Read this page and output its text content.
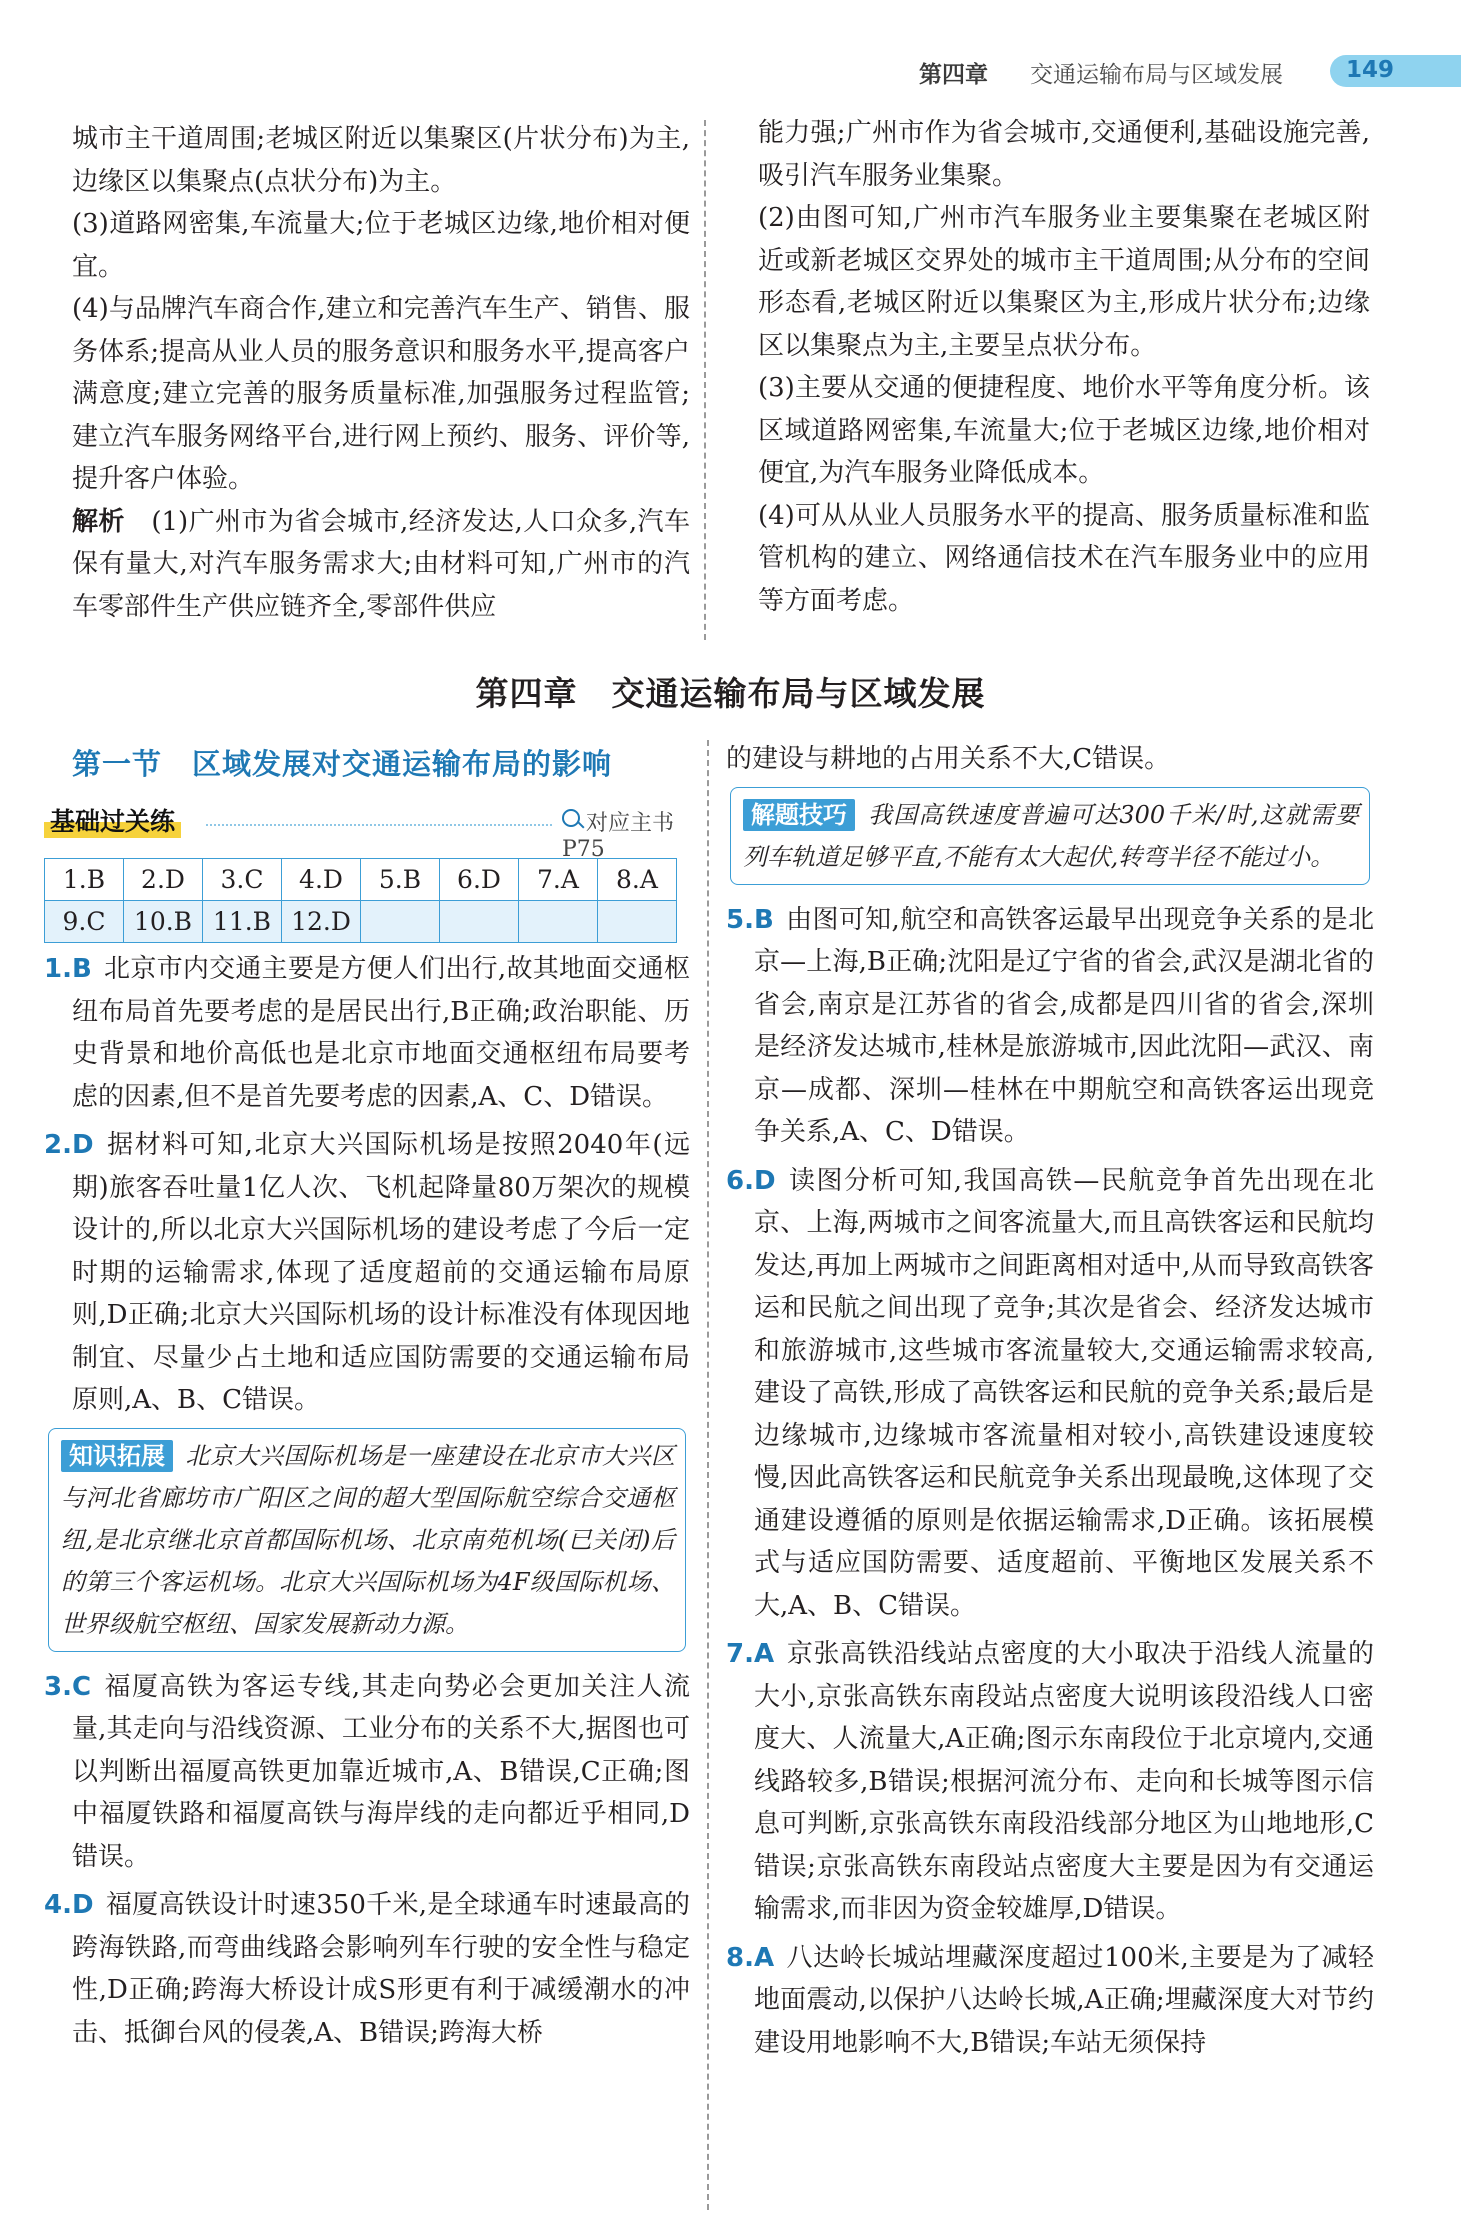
第四章 交通运输布局与区域发展	149

城市主干道周围;老城区附近以集聚区(片状分布)为主,边缘区以集聚点(点状分布)为主。

(3)道路网密集,车流量大;位于老城区边缘,地价相对便宜。

(4)与品牌汽车商合作,建立和完善汽车生产、销售、服务体系;提高从业人员的服务意识和服务水平,提高客户满意度;建立完善的服务质量标准,加强服务过程监管;建立汽车服务网络平台,进行网上预约、服务、评价等,提升客户体验。

解析　 (1)广州市为省会城市,经济发达,人口众多,汽车保有量大,对汽车服务需求大;由材料可知,广州市的汽车零部件生产供应链齐全,零部件供应

能力强;广州市作为省会城市,交通便利,基础设施完善,吸引汽车服务业集聚。

(2)由图可知,广州市汽车服务业主要集聚在老城区附近或新老城区交界处的城市主干道周围;从分布的空间形态看,老城区附近以集聚区为主,形成片状分布;边缘区以集聚点为主,主要呈点状分布。

(3)主要从交通的便捷程度、地价水平等角度分析。该区域道路网密集,车流量大;位于老城区边缘,地价相对便宜,为汽车服务业降低成本。

(4)可从从业人员服务水平的提高、服务质量标准和监管机构的建立、网络通信技术在汽车服务业中的应用等方面考虑。

第四章　交通运输布局与区域发展
第一节　区域发展对交通运输布局的影响
基础过关练	对应主书 P75
1.B	2.D	3.C	4.D	5.B	6.D	7.A	8.A
9.C	10.B	11.B	12.D				

1.B 北京市内交通主要是方便人们出行,故其地面交通枢纽布局首先要考虑的是居民出行,B正确;政治职能、历史背景和地价高低也是北京市地面交通枢纽布局要考虑的因素,但不是首先要考虑的因素,A、C、D错误。

2.D 据材料可知,北京大兴国际机场是按照2040年(远期)旅客吞吐量1亿人次、飞机起降量80万架次的规模设计的,所以北京大兴国际机场的建设考虑了今后一定时期的运输需求,体现了适度超前的交通运输布局原则,D正确;北京大兴国际机场的设计标准没有体现因地制宜、尽量少占土地和适应国防需要的交通运输布局原则,A、B、C错误。

知识拓展 北京大兴国际机场是一座建设在北京市大兴区与河北省廊坊市广阳区之间的超大型国际航空综合交通枢纽,是北京继北京首都国际机场、北京南苑机场(已关闭)后的第三个客运机场。北京大兴国际机场为4F级国际机场、世界级航空枢纽、国家发展新动力源。

3.C 福厦高铁为客运专线,其走向势必会更加关注人流量,其走向与沿线资源、工业分布的关系不大,据图也可以判断出福厦高铁更加靠近城市,A、B错误,C正确;图中福厦铁路和福厦高铁与海岸线的走向都近乎相同,D错误。

4.D 福厦高铁设计时速350千米,是全球通车时速最高的跨海铁路,而弯曲线路会影响列车行驶的安全性与稳定性,D正确;跨海大桥设计成S形更有利于减缓潮水的冲击、抵御台风的侵袭,A、B错误;跨海大桥

的建设与耕地的占用关系不大,C错误。

解题技巧 我国高铁速度普遍可达300千米/时,这就需要列车轨道足够平直,不能有太大起伏,转弯半径不能过小。

5.B 由图可知,航空和高铁客运最早出现竞争关系的是北京—上海,B正确;沈阳是辽宁省的省会,武汉是湖北省的省会,南京是江苏省的省会,成都是四川省的省会,深圳是经济发达城市,桂林是旅游城市,因此沈阳—武汉、南京—成都、深圳—桂林在中期航空和高铁客运出现竞争关系,A、C、D错误。

6.D 读图分析可知,我国高铁—民航竞争首先出现在北京、上海,两城市之间客流量大,而且高铁客运和民航均发达,再加上两城市之间距离相对适中,从而导致高铁客运和民航之间出现了竞争;其次是省会、经济发达城市和旅游城市,这些城市客流量较大,交通运输需求较高,建设了高铁,形成了高铁客运和民航的竞争关系;最后是边缘城市,边缘城市客流量相对较小,高铁建设速度较慢,因此高铁客运和民航竞争关系出现最晚,这体现了交通建设遵循的原则是依据运输需求,D正确。该拓展模式与适应国防需要、适度超前、平衡地区发展关系不大,A、B、C错误。

7.A 京张高铁沿线站点密度的大小取决于沿线人流量的大小,京张高铁东南段站点密度大说明该段沿线人口密度大、人流量大,A正确;图示东南段位于北京境内,交通线路较多,B错误;根据河流分布、走向和长城等图示信息可判断,京张高铁东南段沿线部分地区为山地地形,C错误;京张高铁东南段站点密度大主要是因为有交通运输需求,而非因为资金较雄厚,D错误。

8.A 八达岭长城站埋藏深度超过100米,主要是为了减轻地面震动,以保护八达岭长城,A正确;埋藏深度大对节约建设用地影响不大,B错误;车站无须保持
